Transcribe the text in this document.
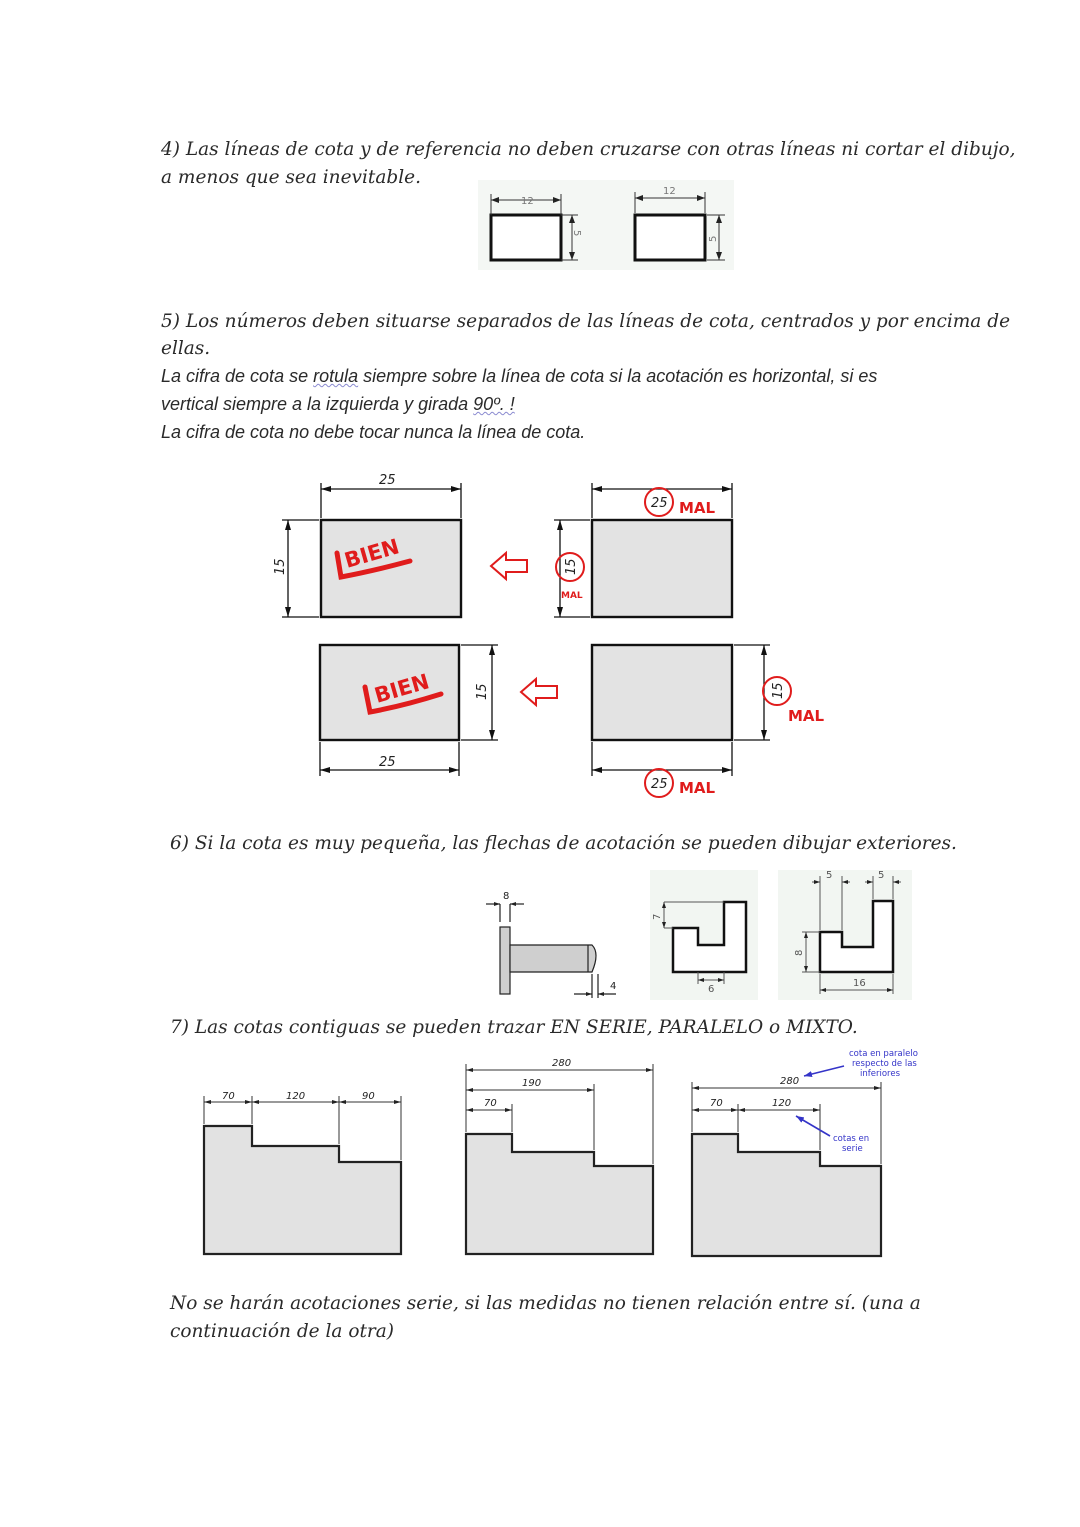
4) Las líneas de cota y de referencia no deben cruzarse con otras líneas ni cortar el dibujo,
a menos que sea inevitable.
12
5
12
5
5) Los números deben situarse separados de las líneas de cota, centrados y por encima de
ellas.
La cifra de cota se rotula siempre sobre la línea de cota si la acotación es horizontal, si es
vertical siempre a la izquierda y girada 90º. !
La cifra de cota no debe tocar nunca la línea de cota.
25
15
25
15
25 MAL
15
MAL
15
MAL
25 MAL
BIEN
BIEN
6) Si la cota es muy pequeña, las flechas de acotación se pueden dibujar exteriores.
8
4
7
6
5	5
8
16
7) Las cotas contiguas se pueden trazar EN SERIE, PARALELO o MIXTO.
70	120	90
280
190
70
280
70	120
cota en paralelo
respecto de las
inferiores
cotas en
serie
No se harán acotaciones serie, si las medidas no tienen relación entre sí. (una a
continuación de la otra)
